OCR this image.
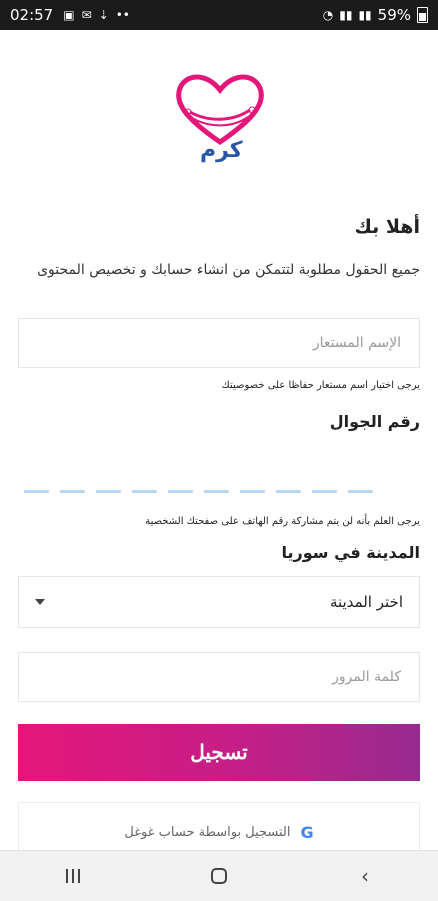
02:57 ▣ ✉ ⇣ ••	◔ ▮▮ ▮▮ 59%
كرم
أهلا بك
جميع الحقول مطلوبة لتتمكن من انشاء حسابك و تخصيص المحتوى
الإسم المستعار
يرجى اختيار اسم مستعار حفاظا على خصوصيتك
رقم الجوال
يرجى العلم بأنه لن يتم مشاركة رقم الهاتف على صفحتك الشخصية
المدينة في سوريا
اختر المدينة
تسجيل
G
التسجيل بواسطة حساب غوغل
‹
